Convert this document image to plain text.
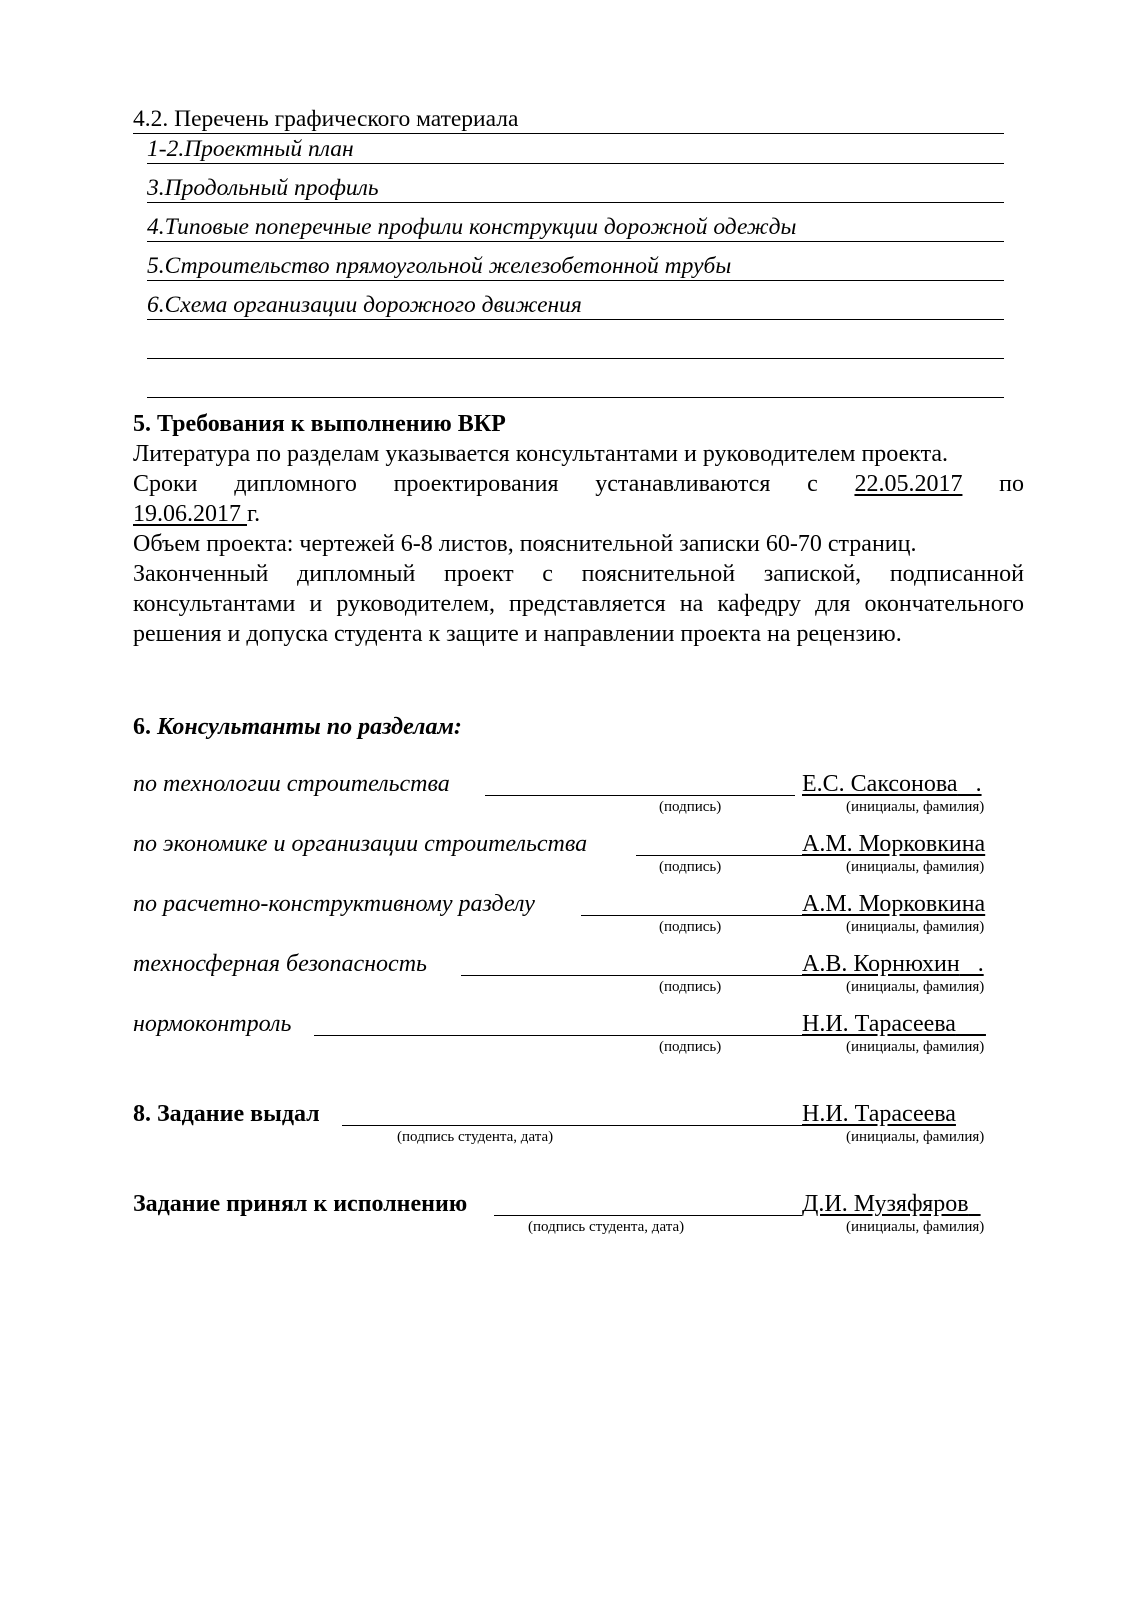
4.2. Перечень графического материала
1-2.Проектный план
3.Продольный профиль
4.Типовые поперечные профили конструкции дорожной одежды
5.Строительство прямоугольной железобетонной трубы
6.Схема организации дорожного движения
5. Требования к выполнению ВКР
Литература по разделам указывается консультантами и руководителем проекта.
Сроки дипломного проектирования устанавливаются с 22.05.2017 по
19.06.2017 г.
Объем проекта: чертежей 6-8 листов, пояснительной записки 60-70 страниц.
Законченный дипломный проект с пояснительной запиской, подписанной консультантами и руководителем, представляется на кафедру для окончательного решения и допуска студента к защите и направлении проекта на рецензию.
6. Консультанты по разделам:
по технологии строительства	Е.С. Саксонова   .
(подпись)	(инициалы, фамилия)
по экономике и организации строительства	А.М. Морковкина
(подпись)	(инициалы, фамилия)
по расчетно-конструктивному разделу	А.М. Морковкина
(подпись)	(инициалы, фамилия)
техносферная безопасность	А.В. Корнюхин   .
(подпись)	(инициалы, фамилия)
нормоконтроль	Н.И. Тарасеева
(подпись)	(инициалы, фамилия)
8. Задание выдал	Н.И. Тарасеева
(подпись студента, дата)	(инициалы, фамилия)
Задание принял к исполнению	Д.И. Музяфяров
(подпись студента, дата)	(инициалы, фамилия)
